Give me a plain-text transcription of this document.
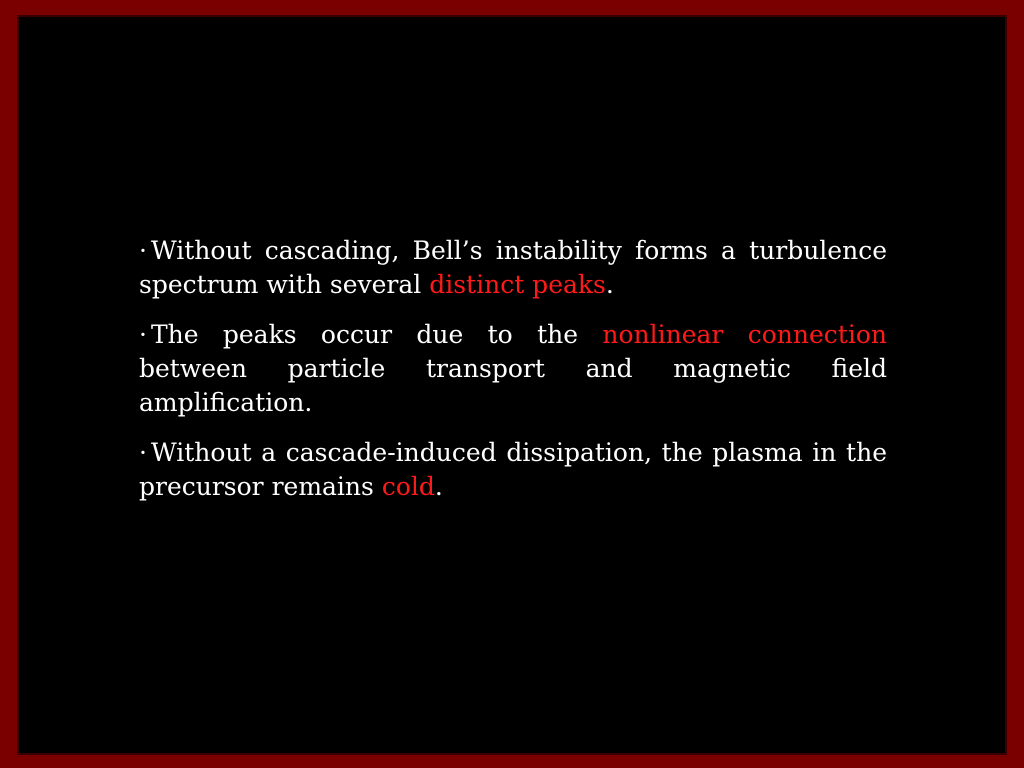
· Without cascading, Bell’s instability forms a turbulence spectrum with several distinct peaks.

· The peaks occur due to the nonlinear connection between particle transport and magnetic field amplification.

· Without a cascade-induced dissipation, the plasma in the precursor remains cold.
